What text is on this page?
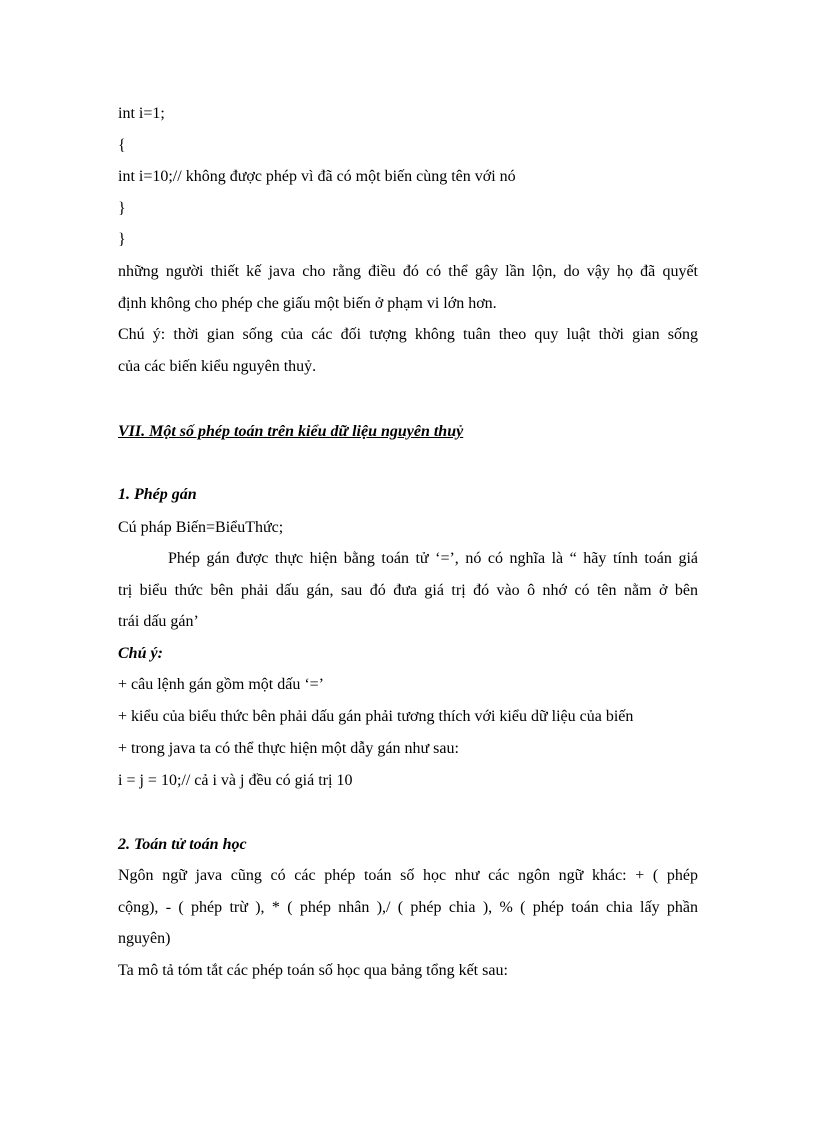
int i=1;
{
int i=10;// không được phép vì đã có một biến cùng tên với nó
}
}
những người thiết kế java cho rằng điều đó có thể gây lần lộn, do vậy họ đã quyết
định không cho phép che giấu một biến ở phạm vi lớn hơn.
Chú ý: thời gian sống của các đối tượng không tuân theo quy luật thời gian sống
của các biến kiểu nguyên thuỷ.
VII. Một số phép toán trên kiểu dữ liệu nguyên thuỷ
1. Phép gán
Cú pháp Biến=BiểuThức;
Phép gán được thực hiện bằng toán tử ‘=’, nó có nghĩa là “ hãy tính toán giá
trị biểu thức bên phải dấu gán, sau đó đưa giá trị đó vào ô nhớ có tên nằm ở bên
trái dấu gán’
Chú ý:
+ câu lệnh gán gồm một dấu ‘=’
+ kiểu của biểu thức bên phải dấu gán phải tương thích với kiểu dữ liệu của biến
+ trong java ta có thể thực hiện một dẫy gán như sau:
i = j = 10;// cả i và j đều có giá trị 10
2. Toán tử toán học
Ngôn ngữ java cũng có các phép toán số học như các ngôn ngữ khác: + ( phép
cộng), - ( phép trừ ), * ( phép nhân ),/ ( phép chia ), % ( phép toán chia lấy phần
nguyên)
Ta mô tả tóm tắt các phép toán số học qua bảng tổng kết sau:
